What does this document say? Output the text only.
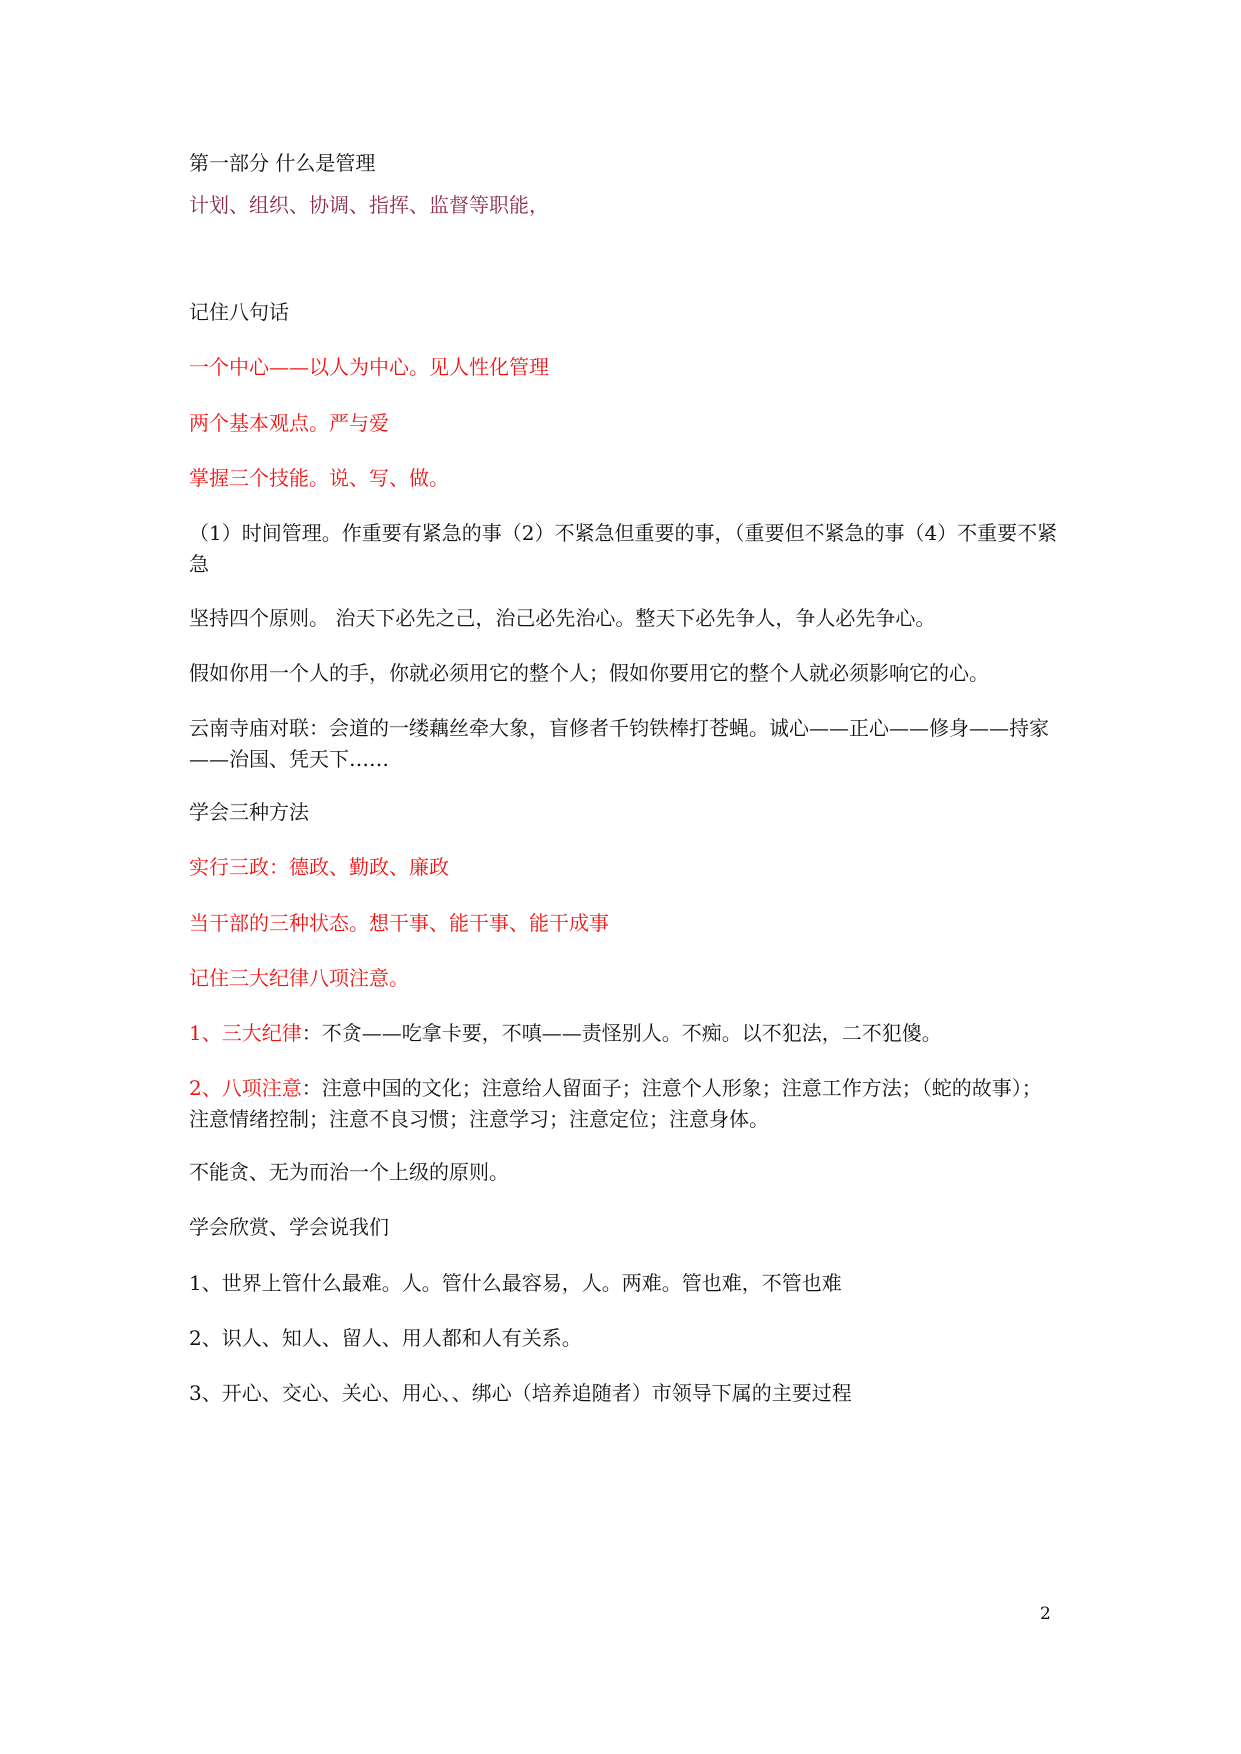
第一部分 什么是管理
计划、组织、协调、指挥、监督等职能，
记住八句话
一个中心——以人为中心。见人性化管理
两个基本观点。严与爱
掌握三个技能。说、写、做。
（1）时间管理。作重要有紧急的事（2）不紧急但重要的事，（重要但不紧急的事（4）不重要不紧急
坚持四个原则。 治天下必先之己，治己必先治心。整天下必先争人，争人必先争心。
假如你用一个人的手，你就必须用它的整个人；假如你要用它的整个人就必须影响它的心。
云南寺庙对联：会道的一缕藕丝牵大象，盲修者千钧铁棒打苍蝇。诚心——正心——修身——持家——治国、凭天下……
学会三种方法
实行三政：德政、勤政、廉政
当干部的三种状态。想干事、能干事、能干成事
记住三大纪律八项注意。
1、三大纪律：不贪——吃拿卡要，不嗔——责怪别人。不痴。以不犯法，二不犯傻。
2、八项注意：注意中国的文化；注意给人留面子；注意个人形象；注意工作方法；（蛇的故事）；注意情绪控制；注意不良习惯；注意学习；注意定位；注意身体。
不能贪、无为而治一个上级的原则。
学会欣赏、学会说我们
1、世界上管什么最难。人。管什么最容易，人。两难。管也难，不管也难
2、识人、知人、留人、用人都和人有关系。
3、开心、交心、关心、用心、、绑心（培养追随者）市领导下属的主要过程
2
